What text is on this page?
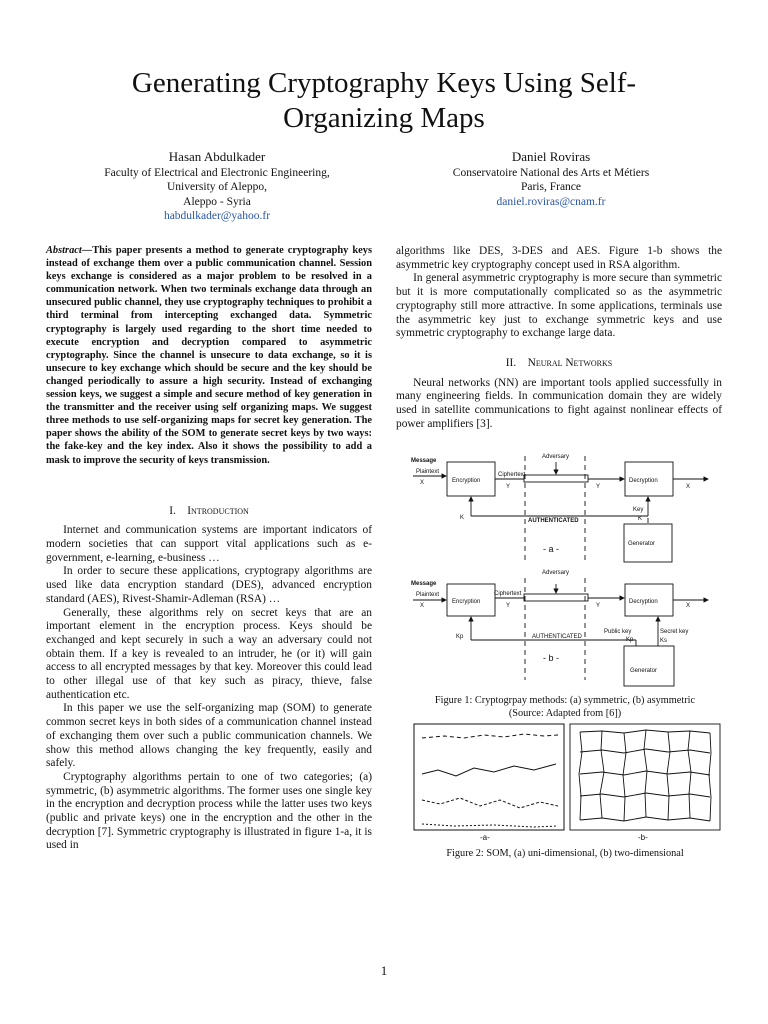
Generating Cryptography Keys Using Self-
Organizing Maps
Hasan Abdulkader
Faculty of Electrical and Electronic Engineering,
University of Aleppo,
Aleppo - Syria
habdulkader@yahoo.fr
Daniel Roviras
Conservatoire National des Arts et Métiers
Paris, France
daniel.roviras@cnam.fr

Abstract—This paper presents a method to generate cryptography keys instead of exchange them over a public communication channel. Session keys exchange is considered as a major problem to be resolved in a communication network. When two terminals exchange data through an unsecured public channel, they use cryptography techniques to prohibit a third terminal from intercepting exchanged data. Symmetric cryptography is largely used regarding to the short time needed to execute encryption and decryption compared to asymmetric cryptography. Since the channel is unsecure to data exchange, so it is unsecure to key exchange which should be secure and the key should be changed periodically to assure a high security. Instead of exchanging session keys, we suggest a simple and secure method of key generation in the transmitter and the receiver using self organizing maps. We suggest three methods to use self-organizing maps for secret key generation. The paper shows the ability of the SOM to generate secret keys by two ways: the fake-key and the key index. Also it shows the possibility to add a mask to improve the security of keys transmission.

I. Introduction

Internet and communication systems are important indicators of modern societies that can support vital applications such as e-government, e-learning, e-business …

In order to secure these applications, cryptograpy algorithms are used like data encryption standard (DES), advanced encryption standard (AES), Rivest-Shamir-Adleman (RSA) …

Generally, these algorithms rely on secret keys that are an important element in the encryption process. Keys should be exchanged and kept securely in such a way an adversary could not obtain them. If a key is revealed to an intruder, he (or it) will gain access to all encrypted messages by that key. Moreover this could lead to other illegal use of that key such as piracy, thieve, false authentication etc.

In this paper we use the self-organizing map (SOM) to generate common secret keys in both sides of a communication channel instead of exchanging them over such a public communication channels. We show this method allows changing the key frequently, easily and safely.

Cryptography algorithms pertain to one of two categories; (a) symmetric, (b) asymmetric algorithms. The former uses one single key in the encryption and decryption process while the latter uses two keys (public and private keys) one in the encryption and the other in the decryption [7]. Symmetric cryptography is illustrated in figure 1-a, it is used in

algorithms like DES, 3-DES and AES. Figure 1-b shows the asymmetric key cryptography concept used in RSA algorithm.

In general asymmetric cryptography is more secure than symmetric but it is more computationally complicated so as the asymmetric cryptography still more attractive. In some applications, terminals use the asymmetric key just to exchange symmetric keys and use symmetric cryptography to exchange large data.

II. Neural Networks

Neural networks (NN) are important tools applied successfully in many engineering fields. In communication domain they are widely used in satellite communications to fight against nonlinear effects of power amplifiers [3].

Message
Plaintext
X	Encryption
Ciphertext
Y
Adversary
Y
Decryption
X
Key
K	K
AUTHENTICATED
Generator
- a -
Message
Plaintext
X
Encryption
Ciphertext
Y
Adversary
Y
Decryption
X
Public key	Secret key
Kp	Kp	Ks
AUTHENTICATED
Generator
- b -
Figure 1: Cryptogrpay methods: (a) symmetric, (b) asymmetric
(Source: Adapted from [6])
-a-	-b-
Figure 2: SOM, (a) uni-dimensional, (b) two-dimensional
1
